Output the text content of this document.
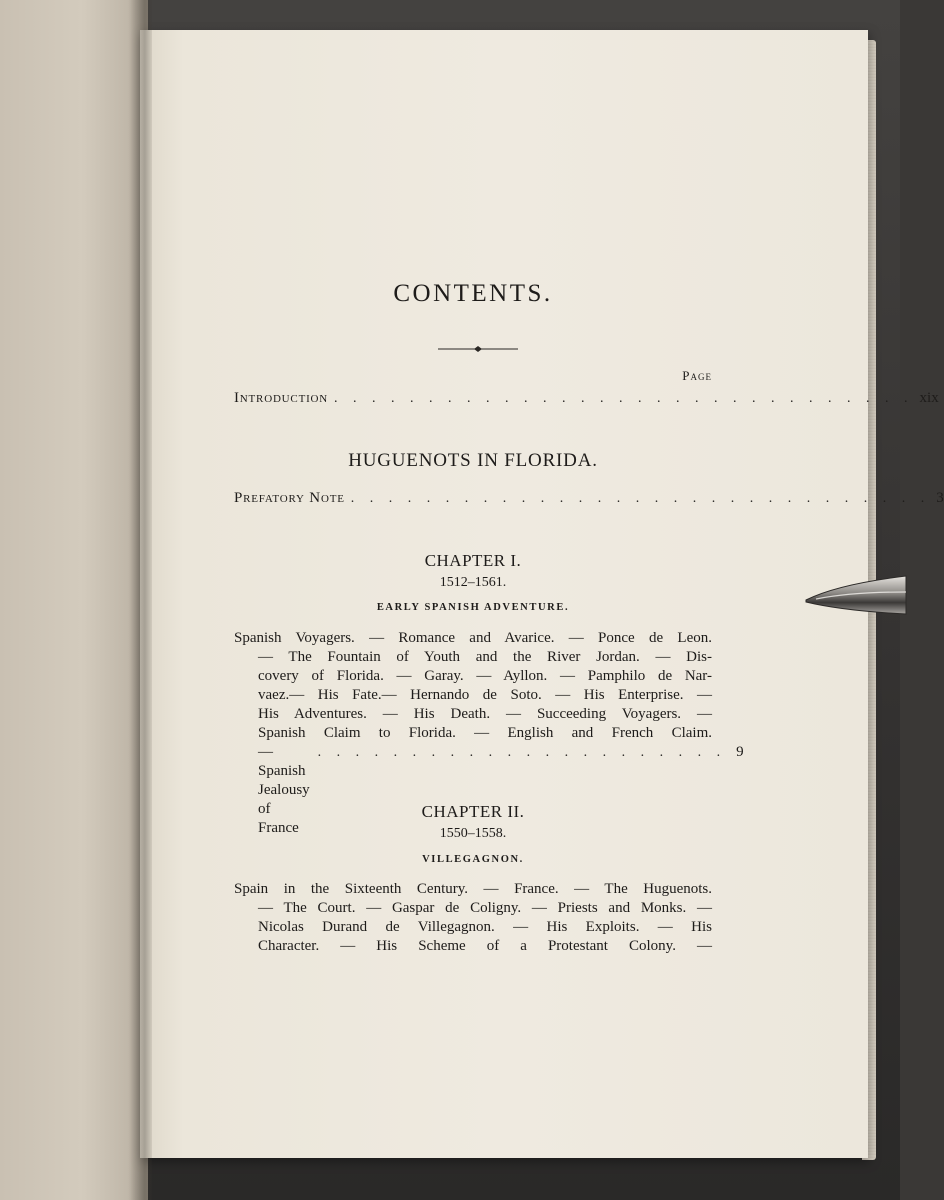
CONTENTS.
Page
Introduction . . . . . . . . . . . . . . . . . . . . . . . . . . . . . . . xix
HUGUENOTS IN FLORIDA.
Prefatory Note . . . . . . . . . . . . . . . . . . . . . . . . . . . . . . . 3
CHAPTER I.
1512–1561.
EARLY SPANISH ADVENTURE.
Spanish Voyagers. — Romance and Avarice. — Ponce de Leon.
— The Fountain of Youth and the River Jordan. — Dis-
covery of Florida. — Garay. — Ayllon. — Pamphilo de Nar-
vaez.— His Fate.— Hernando de Soto. — His Enterprise. —
His Adventures. — His Death. — Succeeding Voyagers. —
Spanish Claim to Florida. — English and French Claim.
— Spanish Jealousy of France
. . . . . . . . . . . . . . . . . . . . . . 9
CHAPTER II.
1550–1558.
VILLEGAGNON.
Spain in the Sixteenth Century. — France. — The Huguenots.
— The Court. — Gaspar de Coligny. — Priests and Monks. —
Nicolas Durand de Villegagnon. — His Exploits. — His
Character. — His Scheme of a Protestant Colony. —
